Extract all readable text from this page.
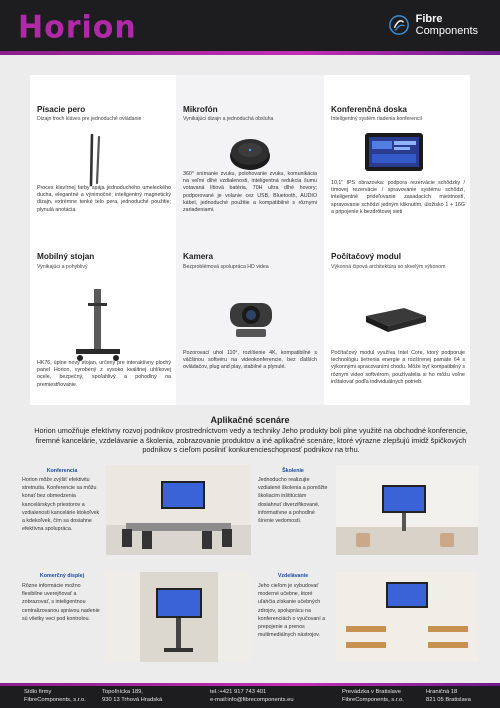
Horion	Fibre
Components
Písacie pero
Dizajn troch kláves pre jednoduché ovládanie
Proces klavírnej farby spája jednoduchého umeleckého ducha, elegantné a výnimočné; inteligentný magnetický dizajn, extrémne tenké telo pera, jednoduché použitie; plynulá anotácia.
Mikrofón
Vynikajúci dizajn a jednoduchá obsluha
360° snímanie zvuku, polohovanie zvuku, komunikácia na veľmi dlhé vzdialenosti, inteligentná redukcia šumu votavaná lítiová batéria, 70H ultra dlhé hovory; podporované je volanie cez USB, Bluetooth, AUDIO kábel, jednoduché použitie a kompatibilné s rôznymi zariadeniami.
Konferenčná doska
Inteligentný systém riadenia konferencií
10,1" IPS obrazovka: podpora rezervácie schôdzky / tímovej rezervácie / spravovanie systému schôdzí, inteligentné prideľovanie zasadacích miestností, spravovanie schôdzí jedným kliknutím, úložisko 1 + 16G a pripojenie k bezdrôtovej sieti
Mobilný stojan
Vynikajúci a pohyblivý
HK76, úplne nový stojan, určený pre interaktívny plochý panel Horion, vyrobený z vysoko kvalitnej uhlíkovej ocele, bezpečný, spoľahlivý a pohodlný na premiestňovanie.
Kamera
Bezproblémová spolupráca HD videa
Pozorovací uhol 110°, rozlíšenie 4K, kompatibilné s väčšinou softvéru na videokonferencie, bez ďalších ovládačov, plug and play, stabilné a plynulé.
Počítačový modul
Výkonná čipová architektúra so skvelým výkonom
Počítačový modul využíva Intel Core, ktorý podporuje technológiu šetrenia energie a rozšírenej pamäte 64 s výkonnými spracovaními chodu. Môže byť kompatibilný s rôznym video softvérom, používatelia si ho môžu voľne inštalovať podľa individuálnych potrieb.
Aplikačné scenáre
Horion umožňuje efektívny rozvoj podnikov prostredníctvom vedy a techniky Jeho produkty boli plne využité na obchodné konferencie, firemné kancelárie, vzdelávanie a školenia, zobrazovanie produktov a iné aplikačné scenáre, ktoré výrazne zlepšujú imidž špičkových podnikov s cieľom posilniť konkurencieschopnosť podnikov na trhu.
Konferencia
Horion môže zvýšiť efektivitu stretnutia. Konferencie sa môžu konať bez obmedzenia kancelárskych priestorov a vzdialenosti kancelárie ktokoľvek a kdekoľvek, čím sa dosiahne efektívna spolupráca.
Školenie
Jednoducho realizujte vzdialené školenia a pomôžte školiacim inštitúciám dosiahnuť diverzifikované, informatívne a pohodlné šírenie vedomostí.
Komerčný displej
Rôzne informácie možno flexibilne uverejňovať a zobrazovať, s inteligentnou centralizovanou správou nadenie sú všetky veci pod kontrolou.
Vzdelávanie
Jeho cieľom je vybudovať moderné učebne, ktoré uľahčia získanie učebných zdrojov, spoluprácu na konferenciách o vyučovaní a prepojenie a prenos multimediálnych nástrojov.
Sídlo firmy
FibreComponents, s.r.o.
Topoľnícka 189,
930 13 Trhová Hradská
tel.:+421 917 743 401
e-mail:info@fibrecomponents.eu
Prevádzka v Bratislave
FibreComponents, s.r.o.
Hraničná 18
821 05 Bratislava
